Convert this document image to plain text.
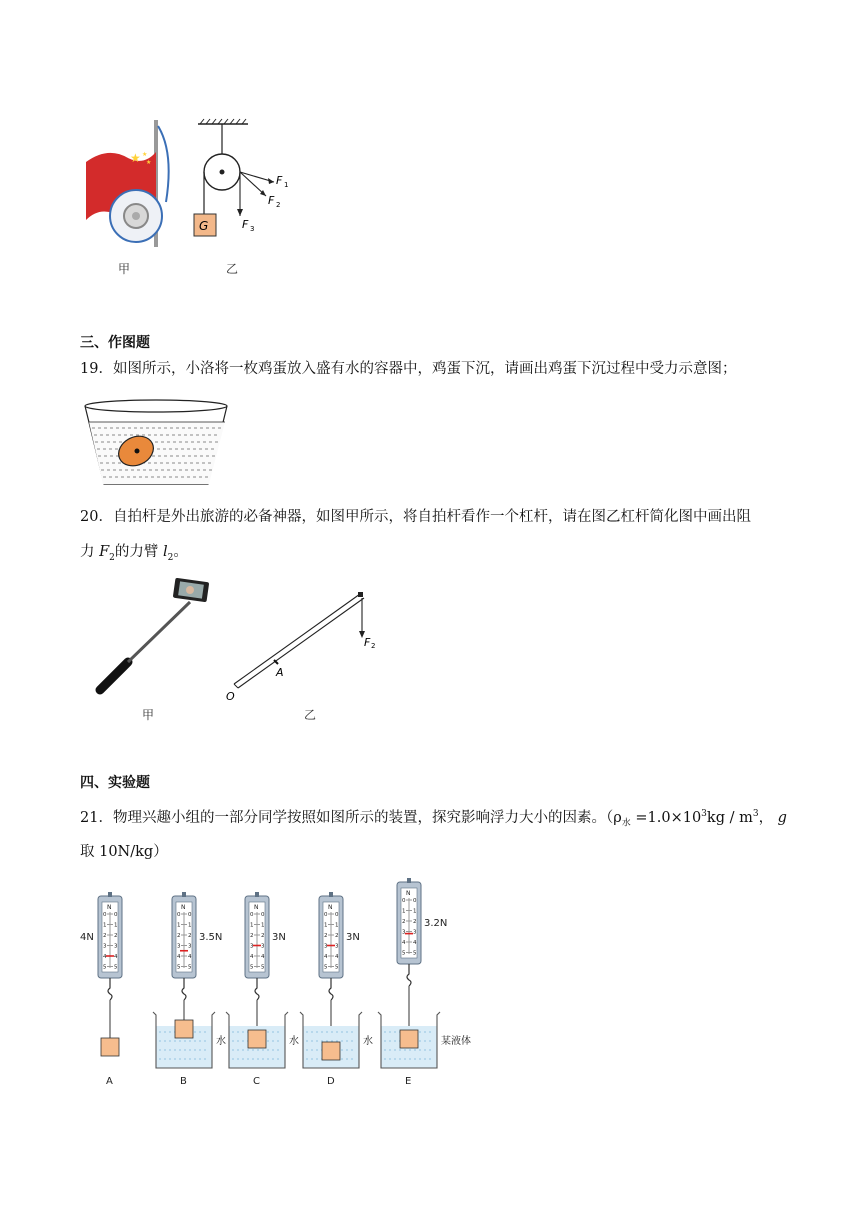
★ ★
★
G
F 1
F 2
F 3
甲	乙
三、作图题
19．如图所示，小洛将一枚鸡蛋放入盛有水的容器中，鸡蛋下沉，请画出鸡蛋下沉过程中受力示意图；
20．自拍杆是外出旅游的必备神器，如图甲所示，将自拍杆看作一个杠杆，请在图乙杠杆简化图中画出阻
力 $F_2$的力臂 $l_2$。
F 2
A
O
甲	乙
四、实验题
21．物理兴趣小组的一部分同学按照如图所示的装置，探究影响浮力大小的因素。（$\rho_水 =1.0\times 10^3kg / m^3$， g
取 10N/kg）
N
0 0
1 1
2 2
3 3
4 4
5 5
4N
A
N
0 0
1 1
2 2
3 3
4 4
5 5
3.5N
水
B
N
0 0
1 1
2 2
3 3
4 4
5 5
3N
水
C
N
0 0
1 1
2 2
3 3
4 4
5 5
3N
水
D
N
0 0
1 1
2 2
3 3
4 4
5 5
3.2N
某液体
E
